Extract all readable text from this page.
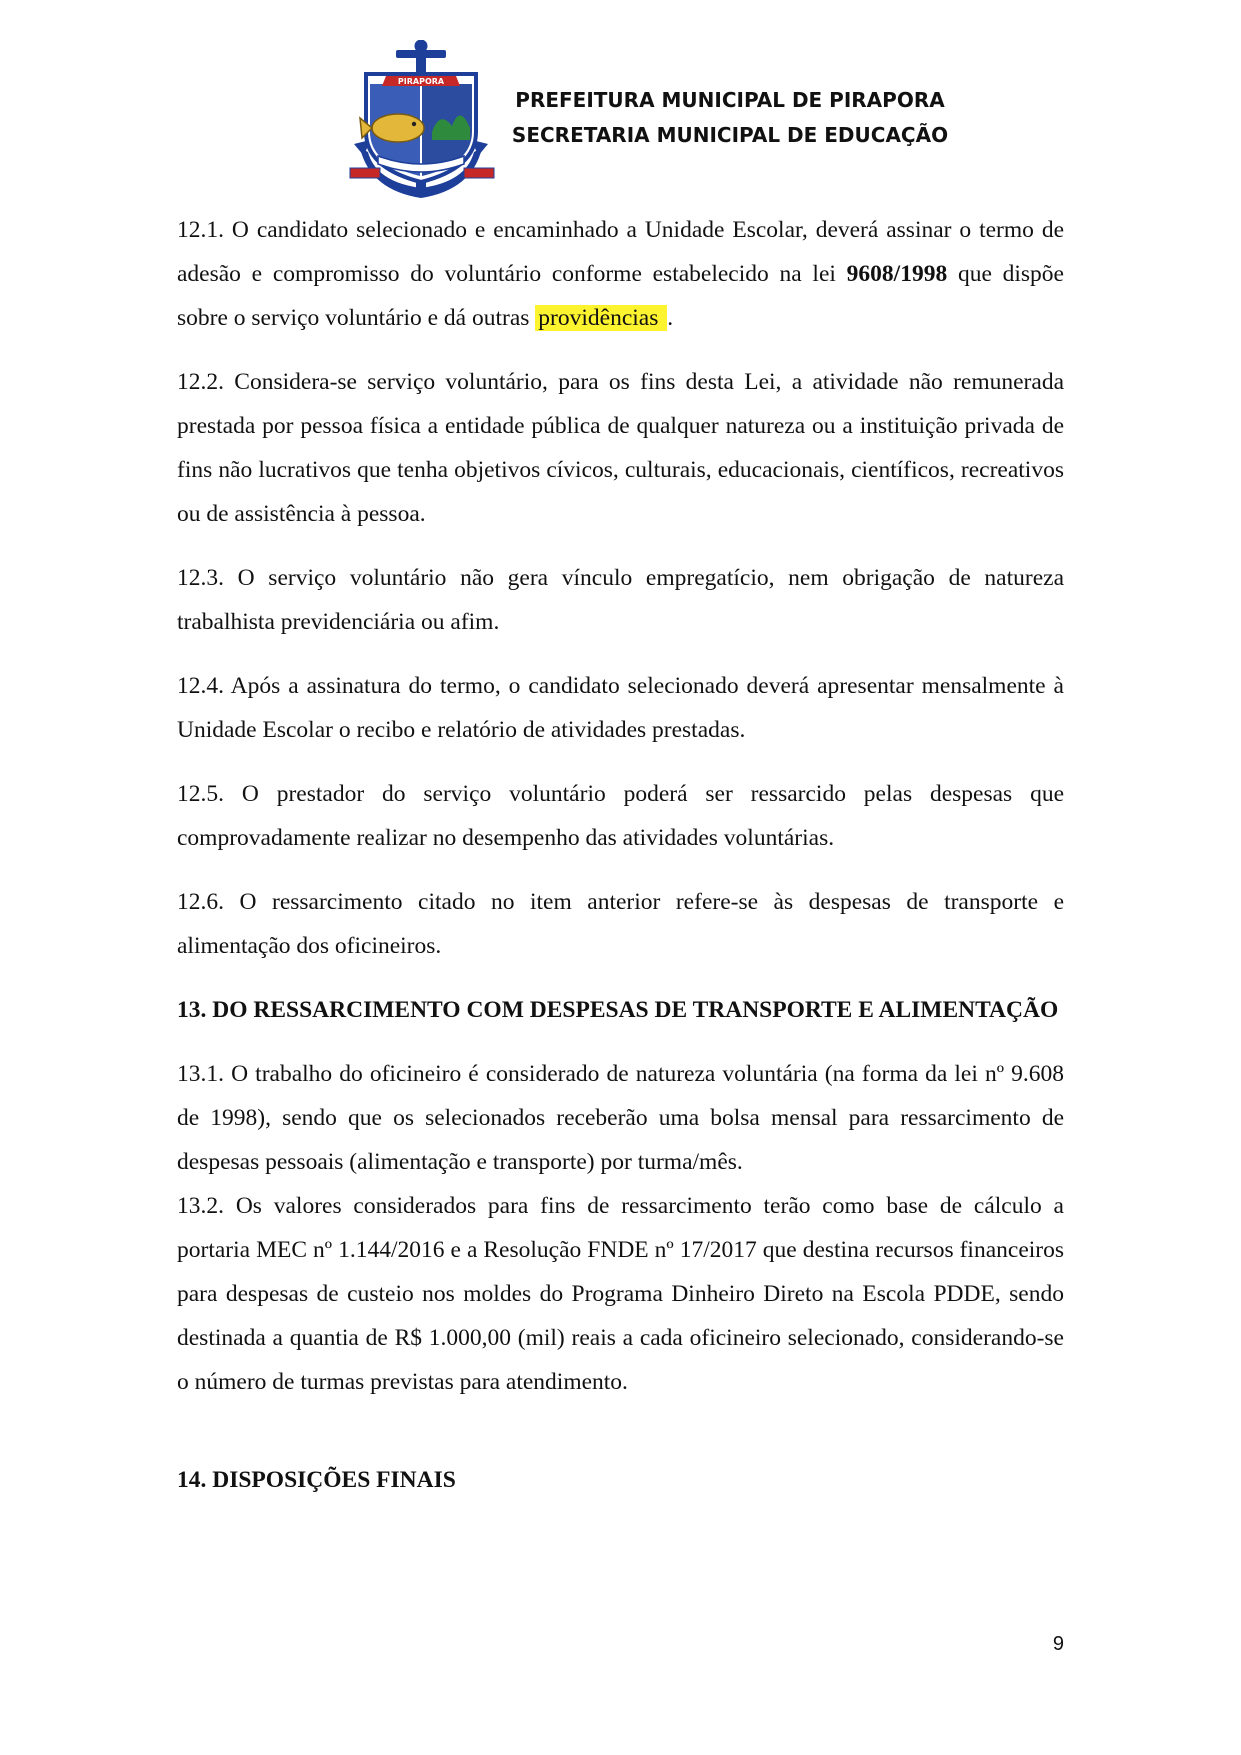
PIRAPORA
PREFEITURA MUNICIPAL DE PIRAPORA
SECRETARIA MUNICIPAL DE EDUCAÇÃO

12.1. O candidato selecionado e encaminhado a Unidade Escolar, deverá assinar o termo de adesão e compromisso do voluntário conforme estabelecido na lei 9608/1998 que dispõe sobre o serviço voluntário e dá outras providências .

12.2. Considera-se serviço voluntário, para os fins desta Lei, a atividade não remunerada prestada por pessoa física a entidade pública de qualquer natureza ou a instituição privada de fins não lucrativos que tenha objetivos cívicos, culturais, educacionais, científicos, recreativos ou de assistência à pessoa.

12.3. O serviço voluntário não gera vínculo empregatício, nem obrigação de natureza trabalhista previdenciária ou afim.

12.4. Após a assinatura do termo, o candidato selecionado deverá apresentar mensalmente à Unidade Escolar o recibo e relatório de atividades prestadas.

12.5. O prestador do serviço voluntário poderá ser ressarcido pelas despesas que comprovadamente realizar no desempenho das atividades voluntárias.

12.6. O ressarcimento citado no item anterior refere-se às despesas de transporte e alimentação dos oficineiros.

13. DO RESSARCIMENTO COM DESPESAS DE TRANSPORTE E ALIMENTAÇÃO

13.1. O trabalho do oficineiro é considerado de natureza voluntária (na forma da lei nº 9.608 de 1998), sendo que os selecionados receberão uma bolsa mensal para ressarcimento de despesas pessoais (alimentação e transporte) por turma/mês.

13.2. Os valores considerados para fins de ressarcimento terão como base de cálculo a portaria MEC nº 1.144/2016 e a Resolução FNDE nº 17/2017 que destina recursos financeiros para despesas de custeio nos moldes do Programa Dinheiro Direto na Escola PDDE, sendo destinada a quantia de R$ 1.000,00 (mil) reais a cada oficineiro selecionado, considerando-se o número de turmas previstas para atendimento.

14. DISPOSIÇÕES FINAIS

9
